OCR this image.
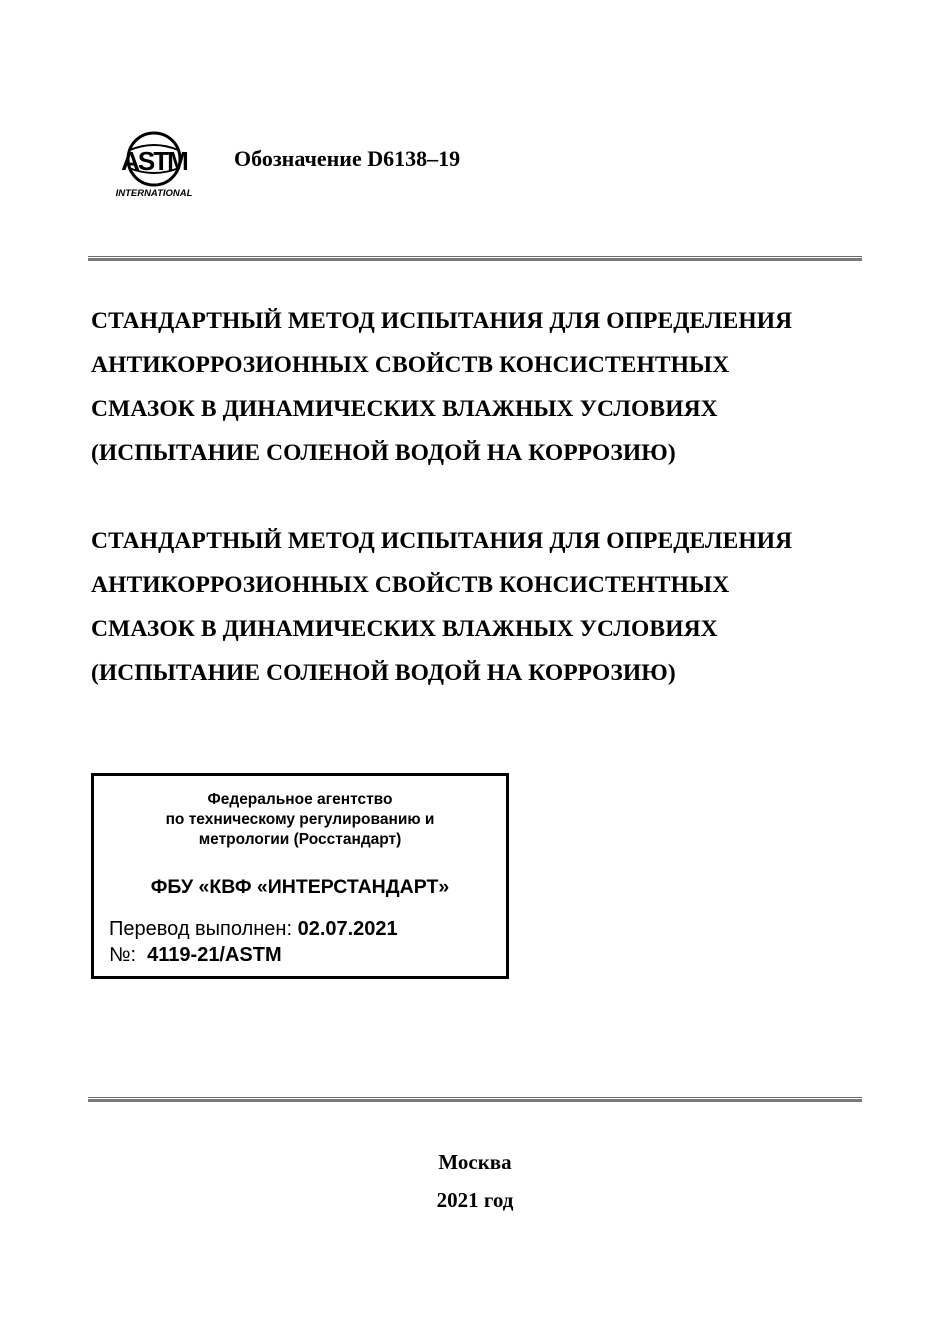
ASTM
INTERNATIONAL
Обозначение D6138–19
СТАНДАРТНЫЙ МЕТОД ИСПЫТАНИЯ ДЛЯ ОПРЕДЕЛЕНИЯ
АНТИКОРРОЗИОННЫХ СВОЙСТВ КОНСИСТЕНТНЫХ
СМАЗОК В ДИНАМИЧЕСКИХ ВЛАЖНЫХ УСЛОВИЯХ
(ИСПЫТАНИЕ СОЛЕНОЙ ВОДОЙ НА КОРРОЗИЮ)
СТАНДАРТНЫЙ МЕТОД ИСПЫТАНИЯ ДЛЯ ОПРЕДЕЛЕНИЯ
АНТИКОРРОЗИОННЫХ СВОЙСТВ КОНСИСТЕНТНЫХ
СМАЗОК В ДИНАМИЧЕСКИХ ВЛАЖНЫХ УСЛОВИЯХ
(ИСПЫТАНИЕ СОЛЕНОЙ ВОДОЙ НА КОРРОЗИЮ)
Федеральное агентство
по техническому регулированию и
метрологии (Росстандарт)
ФБУ «КВФ «ИНТЕРСТАНДАРТ»
Перевод выполнен: 02.07.2021
№: 4119-21/ASTM
Москва
2021 год
